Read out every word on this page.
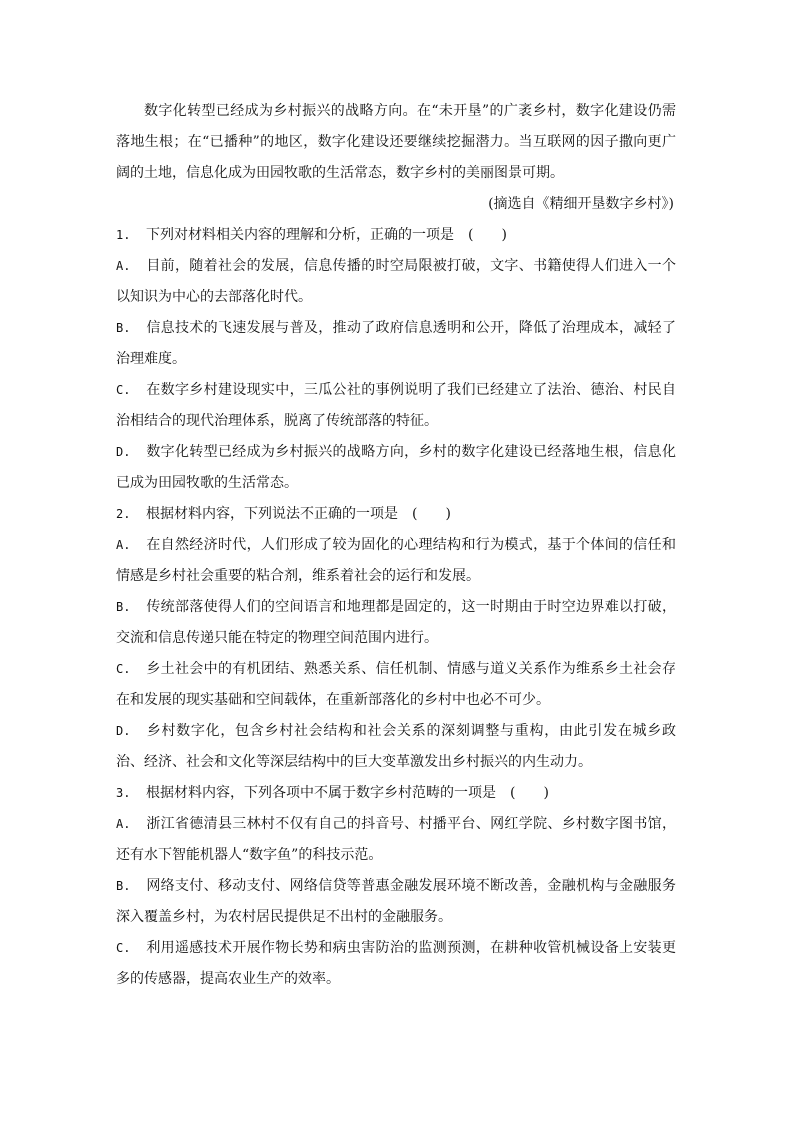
数字化转型已经成为乡村振兴的战略方向。在“未开垦”的广袤乡村，数字化建设仍需落地生根；在“已播种”的地区，数字化建设还要继续挖掘潜力。当互联网的因子撒向更广阔的土地，信息化成为田园牧歌的生活常态，数字乡村的美丽图景可期。

(摘选自《精细开垦数字乡村》)

1. 下列对材料相关内容的理解和分析，正确的一项是 (　　)

A. 目前，随着社会的发展，信息传播的时空局限被打破，文字、书籍使得人们进入一个以知识为中心的去部落化时代。

B. 信息技术的飞速发展与普及，推动了政府信息透明和公开，降低了治理成本，减轻了治理难度。

C. 在数字乡村建设现实中，三瓜公社的事例说明了我们已经建立了法治、德治、村民自治相结合的现代治理体系，脱离了传统部落的特征。

D. 数字化转型已经成为乡村振兴的战略方向，乡村的数字化建设已经落地生根，信息化已成为田园牧歌的生活常态。

2. 根据材料内容，下列说法不正确的一项是 (　　)

A. 在自然经济时代，人们形成了较为固化的心理结构和行为模式，基于个体间的信任和情感是乡村社会重要的粘合剂，维系着社会的运行和发展。

B. 传统部落使得人们的空间语言和地理都是固定的，这一时期由于时空边界难以打破，交流和信息传递只能在特定的物理空间范围内进行。

C. 乡土社会中的有机团结、熟悉关系、信任机制、情感与道义关系作为维系乡土社会存在和发展的现实基础和空间载体，在重新部落化的乡村中也必不可少。

D. 乡村数字化，包含乡村社会结构和社会关系的深刻调整与重构，由此引发在城乡政治、经济、社会和文化等深层结构中的巨大变革激发出乡村振兴的内生动力。

3. 根据材料内容，下列各项中不属于数字乡村范畴的一项是 (　　)

A. 浙江省德清县三林村不仅有自己的抖音号、村播平台、网红学院、乡村数字图书馆，还有水下智能机器人“数字鱼”的科技示范。

B. 网络支付、移动支付、网络信贷等普惠金融发展环境不断改善，金融机构与金融服务深入覆盖乡村，为农村居民提供足不出村的金融服务。

C. 利用遥感技术开展作物长势和病虫害防治的监测预测，在耕种收管机械设备上安装更多的传感器，提高农业生产的效率。
